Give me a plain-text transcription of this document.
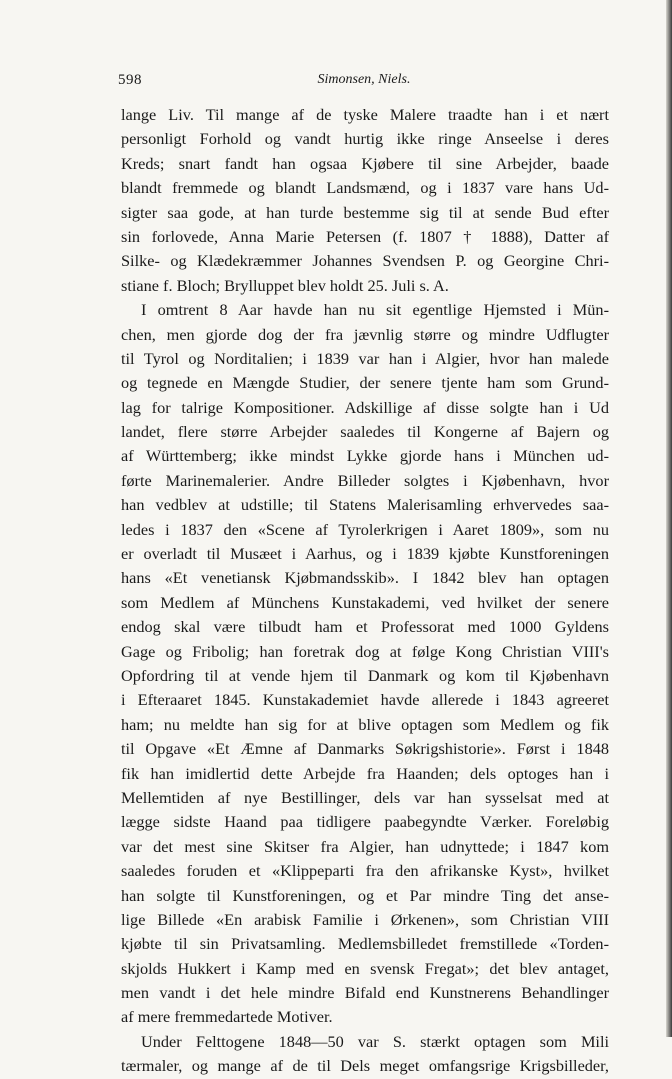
598	Simonsen, Niels.
lange Liv. Til mange af de tyske Malere traadte han i et nært
personligt Forhold og vandt hurtig ikke ringe Anseelse i deres
Kreds; snart fandt han ogsaa Kjøbere til sine Arbejder, baade
blandt fremmede og blandt Landsmænd, og i 1837 vare hans Ud-
sigter saa gode, at han turde bestemme sig til at sende Bud efter
sin forlovede, Anna Marie Petersen (f. 1807 † 1888), Datter af
Silke- og Klædekræmmer Johannes Svendsen P. og Georgine Chri-
stiane f. Bloch; Brylluppet blev holdt 25. Juli s. A.
I omtrent 8 Aar havde han nu sit egentlige Hjemsted i Mün-
chen, men gjorde dog der fra jævnlig større og mindre Udflugter
til Tyrol og Norditalien; i 1839 var han i Algier, hvor han malede
og tegnede en Mængde Studier, der senere tjente ham som Grund-
lag for talrige Kompositioner. Adskillige af disse solgte han i Ud
landet, flere større Arbejder saaledes til Kongerne af Bajern og
af Württemberg; ikke mindst Lykke gjorde hans i München ud-
førte Marinemalerier. Andre Billeder solgtes i Kjøbenhavn, hvor
han vedblev at udstille; til Statens Malerisamling erhvervedes saa-
ledes i 1837 den «Scene af Tyrolerkrigen i Aaret 1809», som nu
er overladt til Musæet i Aarhus, og i 1839 kjøbte Kunstforeningen
hans «Et venetiansk Kjøbmandsskib». I 1842 blev han optagen
som Medlem af Münchens Kunstakademi, ved hvilket der senere
endog skal være tilbudt ham et Professorat med 1000 Gyldens
Gage og Fribolig; han foretrak dog at følge Kong Christian VIII's
Opfordring til at vende hjem til Danmark og kom til Kjøbenhavn
i Efteraaret 1845. Kunstakademiet havde allerede i 1843 agreeret
ham; nu meldte han sig for at blive optagen som Medlem og fik
til Opgave «Et Æmne af Danmarks Søkrigshistorie». Først i 1848
fik han imidlertid dette Arbejde fra Haanden; dels optoges han i
Mellemtiden af nye Bestillinger, dels var han sysselsat med at
lægge sidste Haand paa tidligere paabegyndte Værker. Foreløbig
var det mest sine Skitser fra Algier, han udnyttede; i 1847 kom
saaledes foruden et «Klippeparti fra den afrikanske Kyst», hvilket
han solgte til Kunstforeningen, og et Par mindre Ting det anse-
lige Billede «En arabisk Familie i Ørkenen», som Christian VIII
kjøbte til sin Privatsamling. Medlemsbilledet fremstillede «Torden-
skjolds Hukkert i Kamp med en svensk Fregat»; det blev antaget,
men vandt i det hele mindre Bifald end Kunstnerens Behandlinger
af mere fremmedartede Motiver.
Under Felttogene 1848—50 var S. stærkt optagen som Mili
tærmaler, og mange af de til Dels meget omfangsrige Krigsbilleder,
